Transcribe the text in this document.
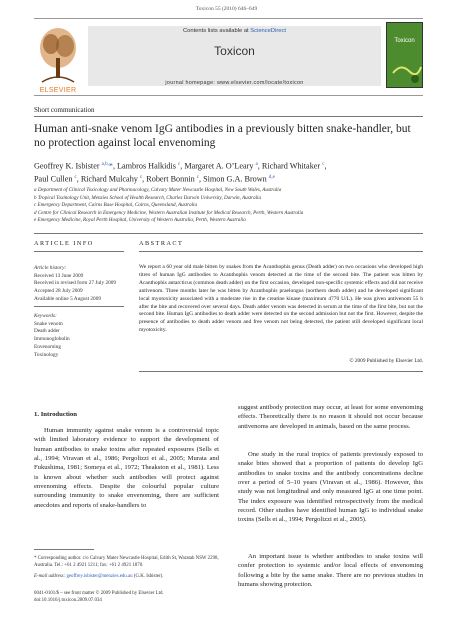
Toxicon 55 (2010) 646–649
ELSEVIER
Contents lists available at ScienceDirect
Toxicon
journal homepage: www.elsevier.com/locate/toxicon
Toxicon
Short communication
Human anti-snake venom IgG antibodies in a previously bitten snake-handler, but no protection against local envenoming
Geoffrey K. Isbister $^{a,b,}$*, Lambros Halkidis $^c$, Margaret A. O’Leary $^a$, Richard Whitaker $^c$,
Paul Cullen $^c$, Richard Mulcahy $^c$, Robert Bonnin $^c$, Simon G.A. Brown $^{d,e}$
a Department of Clinical Toxicology and Pharmacology, Calvary Mater Newcastle Hospital, New South Wales, Australia
b Tropical Toxinology Unit, Menzies School of Health Research, Charles Darwin University, Darwin, Australia
c Emergency Department, Cairns Base Hospital, Cairns, Queensland, Australia
d Centre for Clinical Research in Emergency Medicine, Western Australian Institute for Medical Research, Perth, Western Australia
e Emergency Medicine, Royal Perth Hospital, University of Western Australia, Perth, Western Australia
ARTICLE INFO	ABSTRACT
Article history:
Received 13 June 2009
Received in revised form 27 July 2009
Accepted 28 July 2009
Available online 5 August 2009
Keywords:
Snake venom
Death adder
Immunoglobulin
Envenoming
Toxinology
We report a 60 year old male bitten by snakes from the Acanthophis genus (Death adder) on two occasions who developed high titres of human IgG antibodies to Acanthophis venom detected at the time of the second bite. The patient was bitten by Acanthophis antarcticus (common death adder) on the first occasion, developed non-specific systemic effects and did not receive antivenom. Three months later he was bitten by Acanthophis praelongus (northern death adder) and he developed significant local myotoxicity associated with a moderate rise in the creatine kinase (maximum 4770 U/L). He was given antivenom 55 h after the bite and recovered over several days. Death adder venom was detected in serum at the time of the first bite, but not the second bite. Human IgG antibodies to death adder were detected on the second admission but not the first. However, despite the presence of antibodies to death adder venom and free venom not being detected, the patient still developed significant local myotoxicity.
© 2009 Published by Elsevier Ltd.
1. Introduction
Human immunity against snake venom is a controversial topic with limited laboratory evidence to support the development of human antibodies to snake toxins after repeated exposures (Sells et al., 1994; Viravan et al., 1986; Pergolizzi et al., 2005; Murata and Fukushima, 1981; Someya et al., 1972; Theakston et al., 1981). Less is known about whether such antibodies will protect against envenoming effects. Despite the colourful popular culture surrounding immunity to snake envenoming, there are sufficient anecdotes and reports of snake-handlers to
suggest antibody protection may occur, at least for some envenoming effects. Theoretically there is no reason it should not occur because antivenoms are developed in animals, based on the same process.
One study in the rural tropics of patients previously exposed to snake bites showed that a proportion of patients do develop IgG antibodies to snake toxins and the antibody concentrations decline over a period of 5–10 years (Viravan et al., 1986). However, this study was not longitudinal and only measured IgG at one time point. The index exposure was identified retrospectively from the medical record. Other studies have identified human IgG to individual snake toxins (Sells et al., 1994; Pergolizzi et al., 2005).
An important issue is whether antibodies to snake toxins will confer protection to systemic and/or local effects of envenoming following a bite by the same snake. There are no previous studies in humans showing protection.
* Corresponding author. c/o Calvary Mater Newcastle Hospital, Edith St, Waratah NSW 2298, Australia. Tel.: +61 2 4921 1211; fax: +61 2 4921 1870.
E-mail address: geoffrey.isbister@menzies.edu.au (G.K. Isbister).
0041-0101/$ – see front matter © 2009 Published by Elsevier Ltd.
doi:10.1016/j.toxicon.2009.07.034
